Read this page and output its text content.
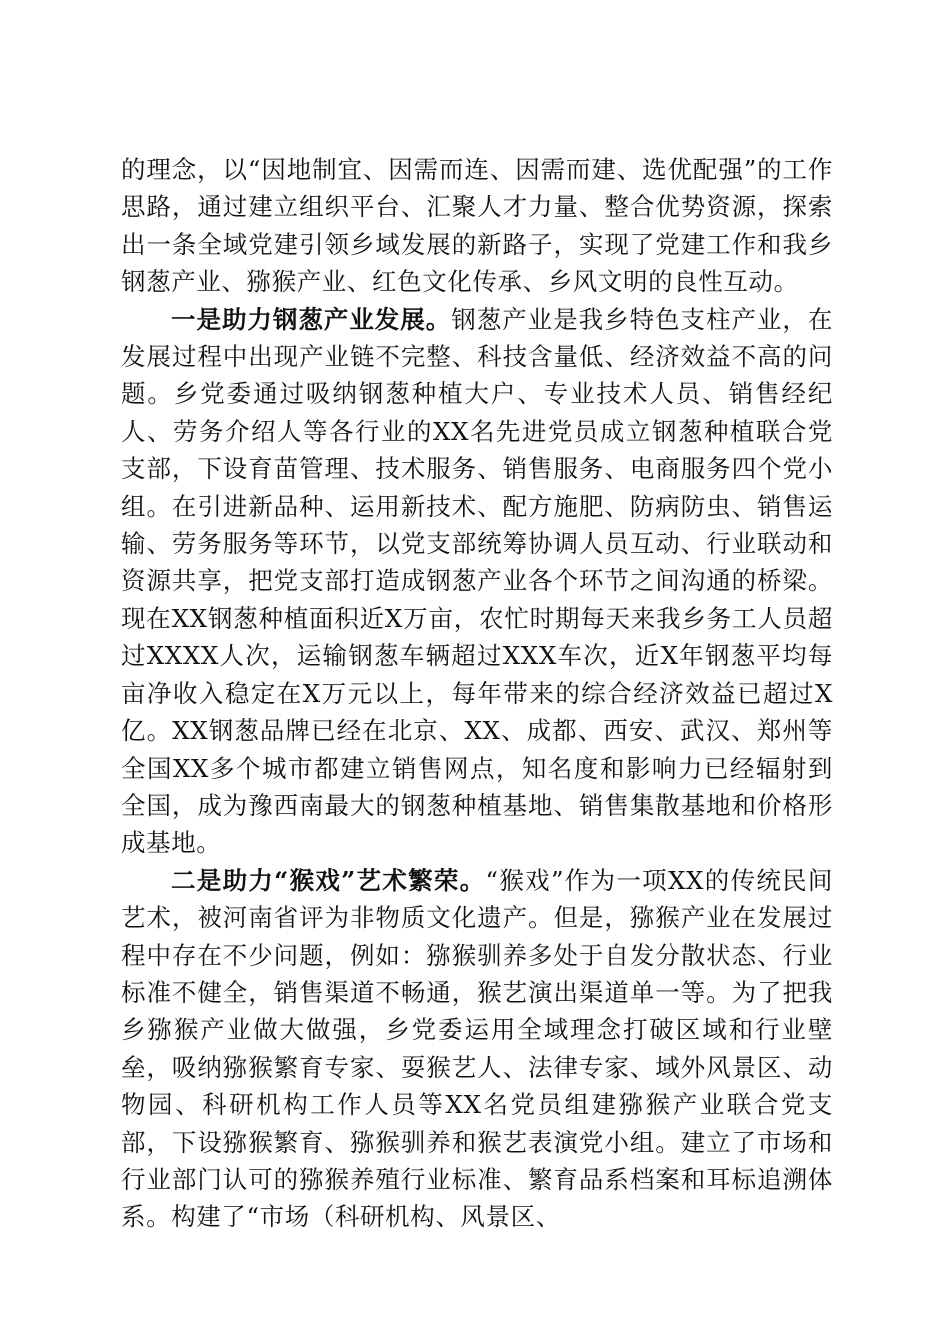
的理念，以“因地制宜、因需而连、因需而建、选优配强”的工作思路，通过建立组织平台、汇聚人才力量、整合优势资源，探索出一条全域党建引领乡域发展的新路子，实现了党建工作和我乡钢葱产业、猕猴产业、红色文化传承、乡风文明的良性互动。

一是助力钢葱产业发展。钢葱产业是我乡特色支柱产业，在发展过程中出现产业链不完整、科技含量低、经济效益不高的问题。乡党委通过吸纳钢葱种植大户、专业技术人员、销售经纪人、劳务介绍人等各行业的XX名先进党员成立钢葱种植联合党支部，下设育苗管理、技术服务、销售服务、电商服务四个党小组。在引进新品种、运用新技术、配方施肥、防病防虫、销售运输、劳务服务等环节，以党支部统筹协调人员互动、行业联动和资源共享，把党支部打造成钢葱产业各个环节之间沟通的桥梁。现在XX钢葱种植面积近X万亩，农忙时期每天来我乡务工人员超过XXXX人次，运输钢葱车辆超过XXX车次，近X年钢葱平均每亩净收入稳定在X万元以上，每年带来的综合经济效益已超过X亿。XX钢葱品牌已经在北京、XX、成都、西安、武汉、郑州等全国XX多个城市都建立销售网点，知名度和影响力已经辐射到全国，成为豫西南最大的钢葱种植基地、销售集散基地和价格形成基地。

二是助力“猴戏”艺术繁荣。“猴戏”作为一项XX的传统民间艺术，被河南省评为非物质文化遗产。但是，猕猴产业在发展过程中存在不少问题，例如：猕猴驯养多处于自发分散状态、行业标准不健全，销售渠道不畅通，猴艺演出渠道单一等。为了把我乡猕猴产业做大做强，乡党委运用全域理念打破区域和行业壁垒，吸纳猕猴繁育专家、耍猴艺人、法律专家、域外风景区、动物园、科研机构工作人员等XX名党员组建猕猴产业联合党支部，下设猕猴繁育、猕猴驯养和猴艺表演党小组。建立了市场和行业部门认可的猕猴养殖行业标准、繁育品系档案和耳标追溯体系。构建了“市场（科研机构、风景区、
